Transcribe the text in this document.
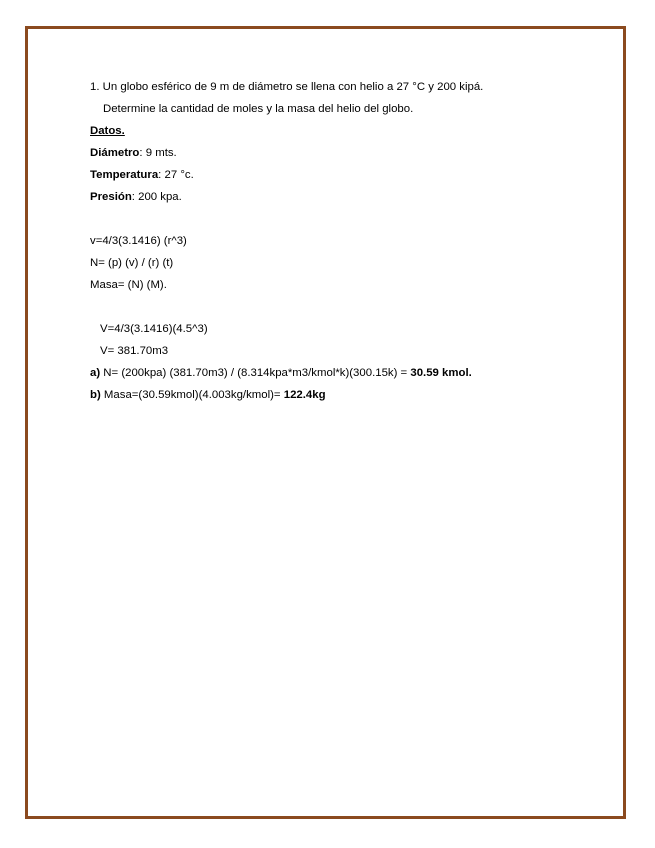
1. Un globo esférico de 9 m de diámetro se llena con helio a 27 °C y 200 kipá.
Determine la cantidad de moles y la masa del helio del globo.
Datos.
Diámetro: 9 mts.
Temperatura: 27 °c.
Presión: 200 kpa.
v=4/3(3.1416) (r^3)
N= (p) (v) / (r) (t)
Masa= (N) (M).
V=4/3(3.1416)(4.5^3)
V= 381.70m3
a) N= (200kpa) (381.70m3) / (8.314kpa*m3/kmol*k)(300.15k) = 30.59 kmol.
b) Masa=(30.59kmol)(4.003kg/kmol)= 122.4kg
